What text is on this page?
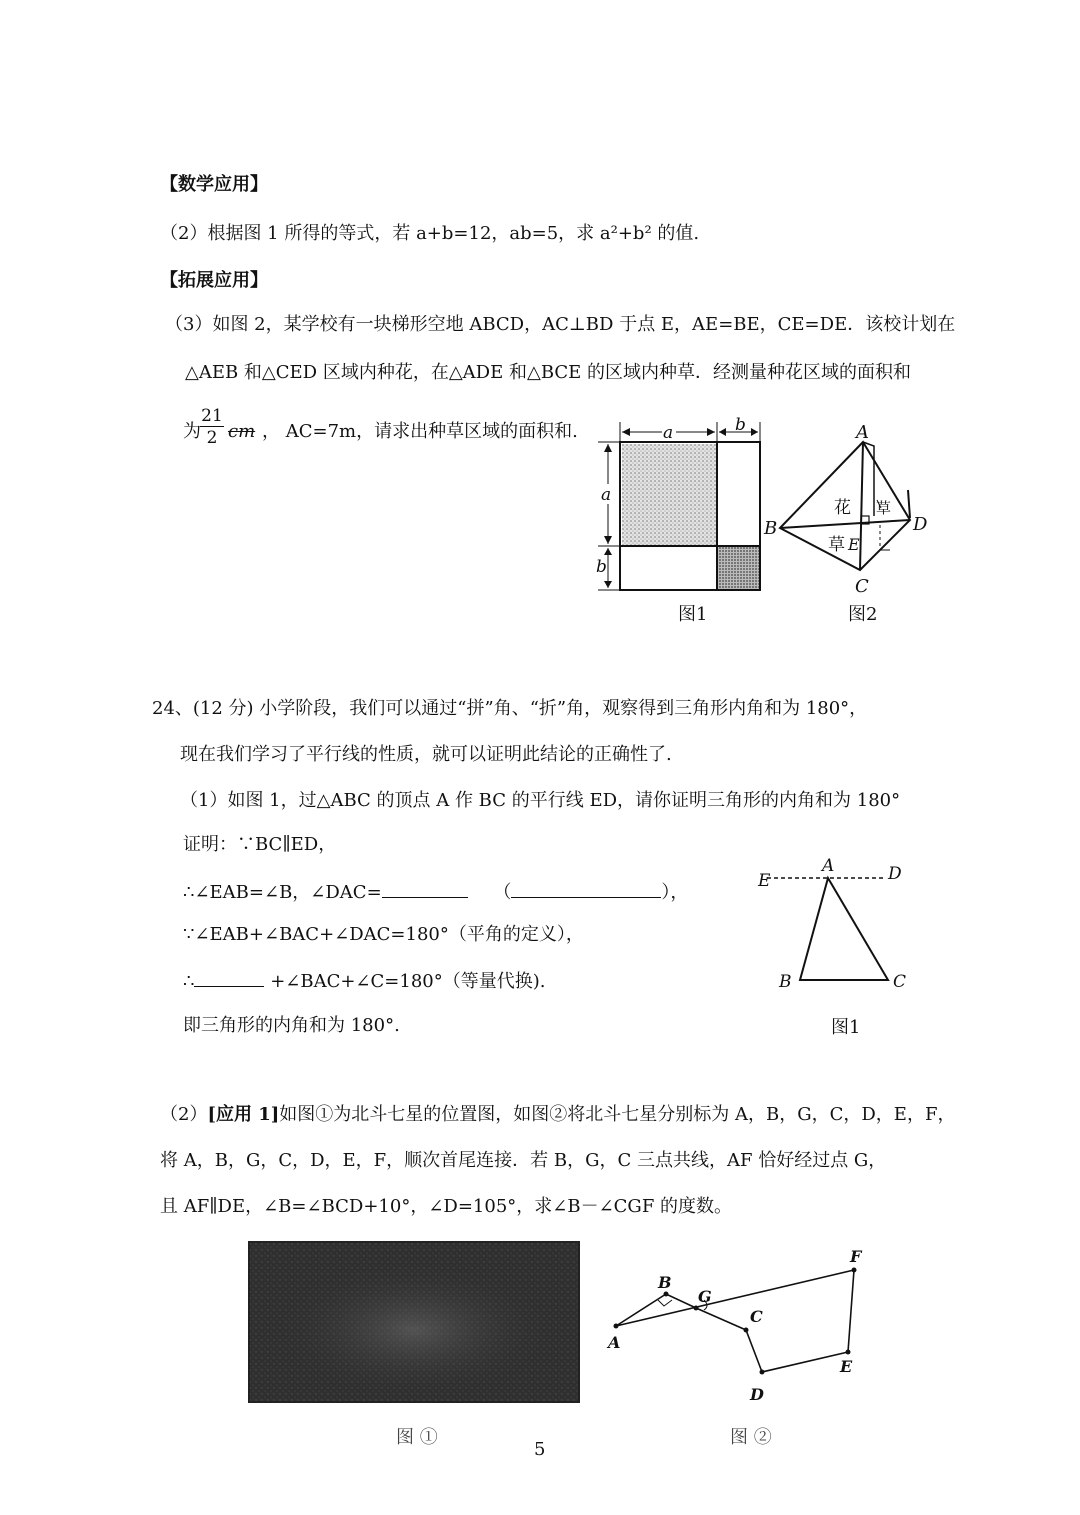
【数学应用】
（2）根据图 1 所得的等式，若 a+b=12，ab=5，求 a²+b² 的值.
【拓展应用】
（3）如图 2，某学校有一块梯形空地 ABCD，AC⊥BD 于点 E，AE=BE，CE=DE．该校计划在
△AEB 和△CED 区域内种花，在△ADE 和△BCE 的区域内种草．经测量种花区域的面积和
为 $\frac{21}{2}$ cm ， AC=7m，请求出种草区域的面积和.	a	b
a
b
图1
A
B
C
D
E
花 草
草
图2
24、(12 分) 小学阶段，我们可以通过“拼”角、“折”角，观察得到三角形内角和为 180°，
现在我们学习了平行线的性质，就可以证明此结论的正确性了.
（1）如图 1，过△ABC 的顶点 A 作 BC 的平行线 ED，请你证明三角形的内角和为 180°
证明：∵BC∥ED，
∴∠EAB=∠B，∠DAC=	（	），
∵∠EAB+∠BAC+∠DAC=180°（平角的定义），
∴	+∠BAC+∠C=180°（等量代换).
即三角形的内角和为 180°.
E
A	D
B	C
图1
（2）[应用 1]如图①为北斗七星的位置图，如图②将北斗七星分别标为 A，B，G，C，D，E，F，
将 A，B，G，C，D，E，F，顺次首尾连接．若 B，G，C 三点共线，AF 恰好经过点 G，
且 AF∥DE，∠B=∠BCD+10°，∠D=105°，求∠B－∠CGF 的度数。
图 ①
A
B
G
C
D
E
F
图 ②
5
